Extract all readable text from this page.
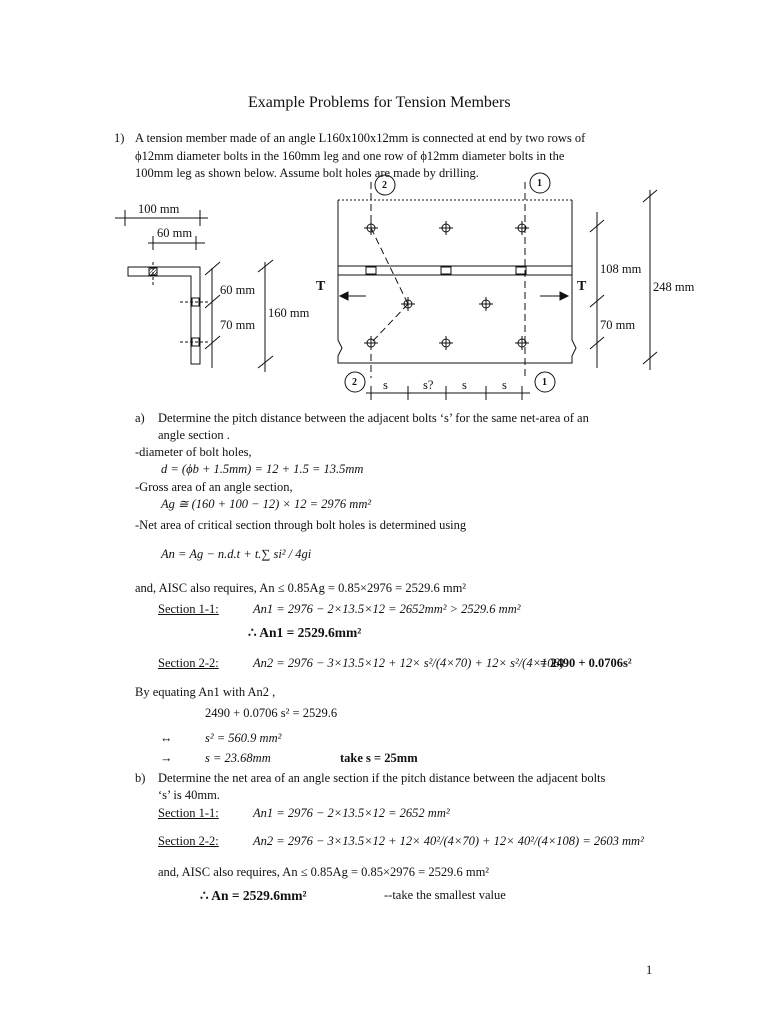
Example Problems for Tension Members
1) A tension member made of an angle L160x100x12mm is connected at end by two rows of
ϕ12mm diameter bolts in the 160mm leg and one row of ϕ12mm diameter bolts in the
100mm leg as shown below. Assume bolt holes are made by drilling.
100 mm
60 mm
60 mm
70 mm
160 mm
108 mm
248 mm
70 mm
T	T
2	1
2	1
s	s? s	s
a) Determine the pitch distance between the adjacent bolts ‘s’ for the same net-area of an
angle section .
-diameter of bolt holes,
d = (ϕb + 1.5mm) = 12 + 1.5 = 13.5mm
-Gross area of an angle section,
Ag ≅ (160 + 100 − 12) × 12 = 2976 mm²
-Net area of critical section through bolt holes is determined using
An = Ag − n.d.t + t.∑ si² / 4gi
and, AISC also requires, An ≤ 0.85Ag = 0.85×2976 = 2529.6 mm²
Section 1-1:	An1 = 2976 − 2×13.5×12 = 2652mm² > 2529.6 mm²
∴ An1 = 2529.6mm²
Section 2-2:	An2 = 2976 − 3×13.5×12 + 12× s²/(4×70) + 12× s²/(4×108)
= 2490 + 0.0706s²
By equating An1 with An2 ,
2490 + 0.0706 s² = 2529.6
↔	s² = 560.9 mm²
→	s = 23.68mm	take s = 25mm
b) Determine the net area of an angle section if the pitch distance between the adjacent bolts
‘s’ is 40mm.
Section 1-1:	An1 = 2976 − 2×13.5×12 = 2652 mm²
Section 2-2:	An2 = 2976 − 3×13.5×12 + 12× 40²/(4×70) + 12× 40²/(4×108) = 2603 mm²
and, AISC also requires, An ≤ 0.85Ag = 0.85×2976 = 2529.6 mm²
∴ An = 2529.6mm²	--take the smallest value
1
